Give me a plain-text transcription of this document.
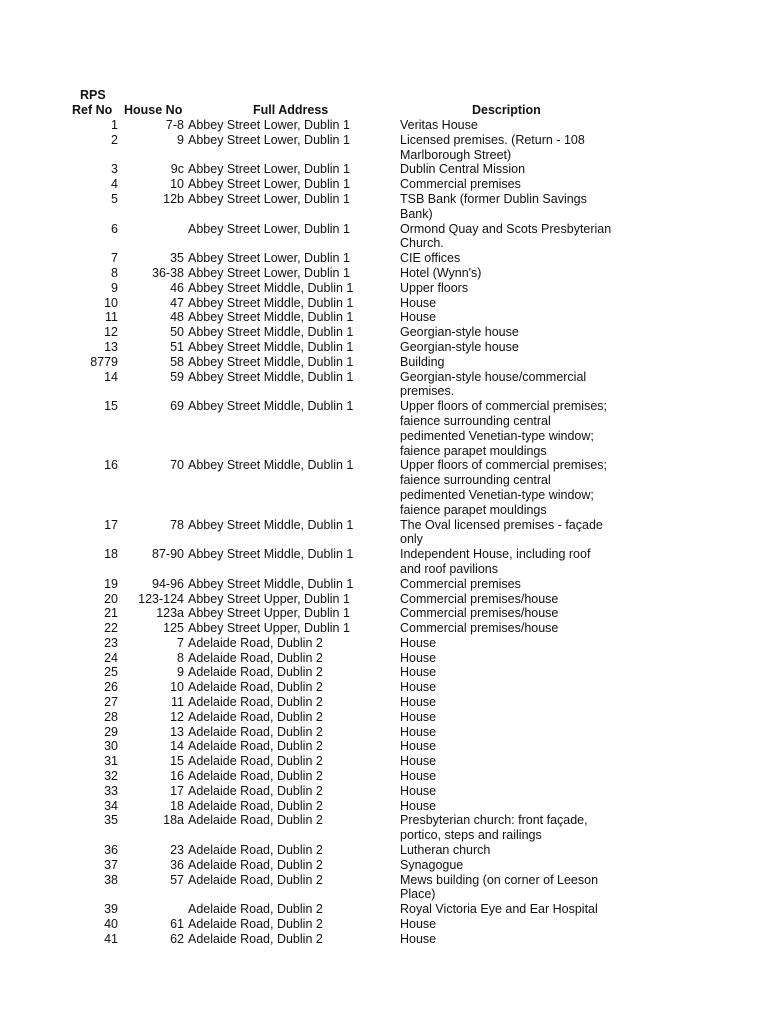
RPS
Ref No House No	Full Address	Description
1	7-8 Abbey Street Lower, Dublin 1	Veritas House
2	9 Abbey Street Lower, Dublin 1	Licensed premises. (Return - 108
Marlborough Street)
3	9c Abbey Street Lower, Dublin 1	Dublin Central Mission
4	10 Abbey Street Lower, Dublin 1	Commercial premises
5	12b Abbey Street Lower, Dublin 1	TSB Bank (former Dublin Savings
Bank)
6	Abbey Street Lower, Dublin 1	Ormond Quay and Scots Presbyterian
Church.
7	35 Abbey Street Lower, Dublin 1	CIE offices
8	36-38 Abbey Street Lower, Dublin 1	Hotel (Wynn's)
9	46 Abbey Street Middle, Dublin 1	Upper floors
10	47 Abbey Street Middle, Dublin 1	House
11	48 Abbey Street Middle, Dublin 1	House
12	50 Abbey Street Middle, Dublin 1	Georgian-style house
13	51 Abbey Street Middle, Dublin 1	Georgian-style house
8779	58 Abbey Street Middle, Dublin 1	Building
14	59 Abbey Street Middle, Dublin 1	Georgian-style house/commercial
premises.
15	69 Abbey Street Middle, Dublin 1	Upper floors of commercial premises;
faience surrounding central
pedimented Venetian-type window;
faience parapet mouldings
16	70 Abbey Street Middle, Dublin 1	Upper floors of commercial premises;
faience surrounding central
pedimented Venetian-type window;
faience parapet mouldings
17	78 Abbey Street Middle, Dublin 1	The Oval licensed premises - façade
only
18	87-90 Abbey Street Middle, Dublin 1	Independent House, including roof
and roof pavilions
19	94-96 Abbey Street Middle, Dublin 1	Commercial premises
20 123-124 Abbey Street Upper, Dublin 1	Commercial premises/house
21	123a Abbey Street Upper, Dublin 1	Commercial premises/house
22	125 Abbey Street Upper, Dublin 1	Commercial premises/house
23	7 Adelaide Road, Dublin 2	House
24	8 Adelaide Road, Dublin 2	House
25	9 Adelaide Road, Dublin 2	House
26	10 Adelaide Road, Dublin 2	House
27	11 Adelaide Road, Dublin 2	House
28	12 Adelaide Road, Dublin 2	House
29	13 Adelaide Road, Dublin 2	House
30	14 Adelaide Road, Dublin 2	House
31	15 Adelaide Road, Dublin 2	House
32	16 Adelaide Road, Dublin 2	House
33	17 Adelaide Road, Dublin 2	House
34	18 Adelaide Road, Dublin 2	House
35	18a Adelaide Road, Dublin 2	Presbyterian church: front façade,
portico, steps and railings
36	23 Adelaide Road, Dublin 2	Lutheran church
37	36 Adelaide Road, Dublin 2	Synagogue
38	57 Adelaide Road, Dublin 2	Mews building (on corner of Leeson
Place)
39	Adelaide Road, Dublin 2	Royal Victoria Eye and Ear Hospital
40	61 Adelaide Road, Dublin 2	House
41	62 Adelaide Road, Dublin 2	House
